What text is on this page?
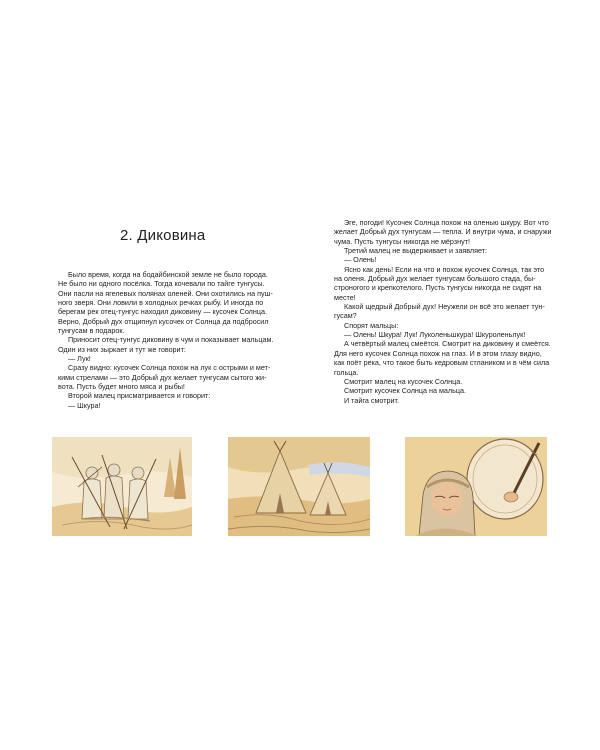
2. Диковина

Было время, когда на бодайбинской земле не было города.

Не было ни одного посёлка. Тогда кочевали по тайге тунгусы.

Они пасли на ягелевых полянах оленей. Они охотились на пуш-

ного зверя. Они ловили в холодных речках рыбу. И иногда по

берегам рек отец-тунгус находил диковину — кусочек Солнца.

Верно, Добрый дух отщипнул кусочек от Солнца да подбросил

тунгусам в подарок.

Приносит отец-тунгус диковину в чум и показывает мальцам.

Один из них зыркает и тут же говорит:

— Лук!

Сразу видно: кусочек Солнца похож на лук с острыми и мет-

кими стрелами — это Добрый дух желает тунгусам сытого жи-

вота. Пусть будет много мяса и рыбы!

Второй малец присматривается и говорит:

— Шкура!

Эге, погоди! Кусочек Солнца похож на оленью шкуру. Вот что

желает Добрый дух тунгусам — тепла. И внутри чума, и снаружи

чума. Пусть тунгусы никогда не мёрзнут!

Третий малец не выдерживает и заявляет:

— Олень!

Ясно как день! Если на что и похож кусочек Солнца, так это

на оленя. Добрый дух желает тунгусам большого стада, бы-

строногого и крепкотелого. Пусть тунгусы никогда не сидят на

месте!

Какой щедрый Добрый дух! Неужели он всё это желает тун-

гусам?

Спорят мальцы:

— Олень! Шкура! Лук! Луколеньшкура! Шкуроленьлук!

А четвёртый малец смеётся. Смотрит на диковину и смеётся.

Для него кусочек Солнца похож на глаз. И в этом глазу видно,

как поёт река, что такое быть кедровым стлаником и в чём сила

гольца.

Смотрит малец на кусочек Солнца.

Смотрит кусочек Солнца на мальца.

И тайга смотрит.
